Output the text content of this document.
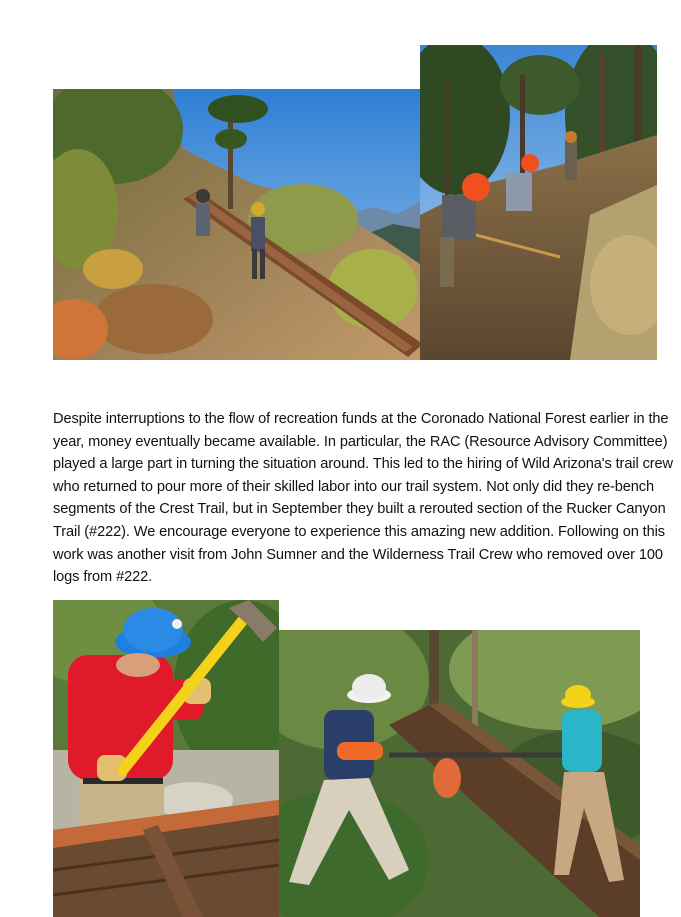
Despite interruptions to the flow of recreation funds at the Coronado National Forest earlier in the year, money eventually became available. In particular, the RAC (Resource Advisory Committee) played a large part in turning the situation around. This led to the hiring of Wild Arizona's trail crew who returned to pour more of their skilled labor into our trail system. Not only did they re-bench segments of the Crest Trail, but in September they built a rerouted section of the Rucker Canyon Trail (#222). We encourage everyone to experience this amazing new addition. Following on this work was another visit from John Sumner and the Wilderness Trail Crew who removed over 100 logs from #222.
